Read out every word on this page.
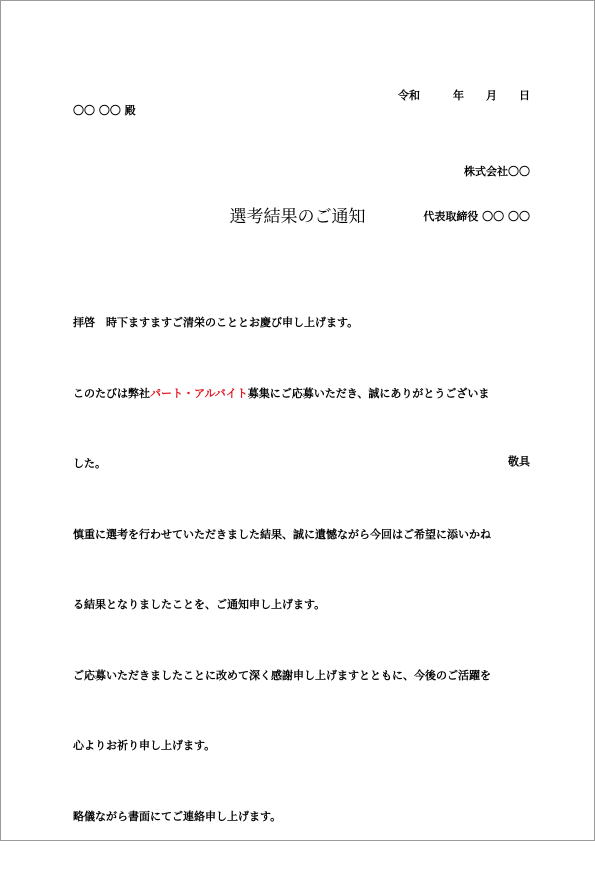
令和　　　年　　月　　日
〇〇 〇〇 殿

株式会社〇〇

代表取締役 〇〇 〇〇

選考結果のご通知

拝啓　時下ますますご清栄のこととお慶び申し上げます。

このたびは弊社パート・アルバイト募集にご応募いただき、誠にありがとうございま

した。

慎重に選考を行わせていただきました結果、誠に遺憾ながら今回はご希望に添いかね

る結果となりましたことを、ご通知申し上げます。

ご応募いただきましたことに改めて深く感謝申し上げますとともに、今後のご活躍を

心よりお祈り申し上げます。

略儀ながら書面にてご連絡申し上げます。

敬具
